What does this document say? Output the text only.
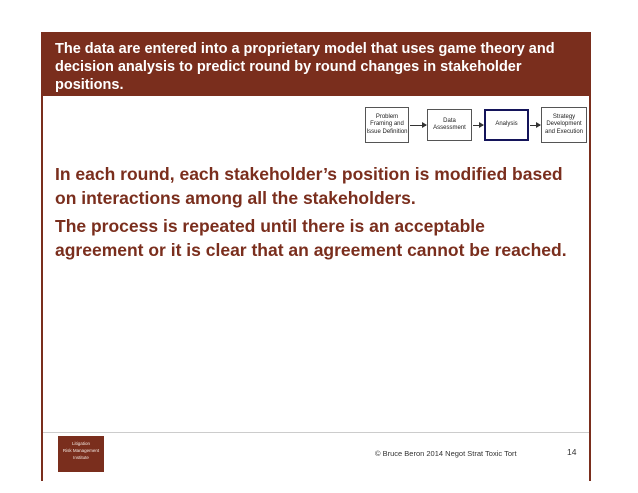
The data are entered into a proprietary model that uses game theory and decision analysis to predict round by round changes in stakeholder positions.

Problem Framing and Issue Definition
Data Assessment
Analysis
Strategy Development and Execution

In each round, each stakeholder’s position is modified based on interactions among all the stakeholders.

The process is repeated until there is an acceptable agreement or it is clear that an agreement cannot be reached.

Litigation
Risk Management
Institute	© Bruce Beron 2014 Negot Strat Toxic Tort	14
